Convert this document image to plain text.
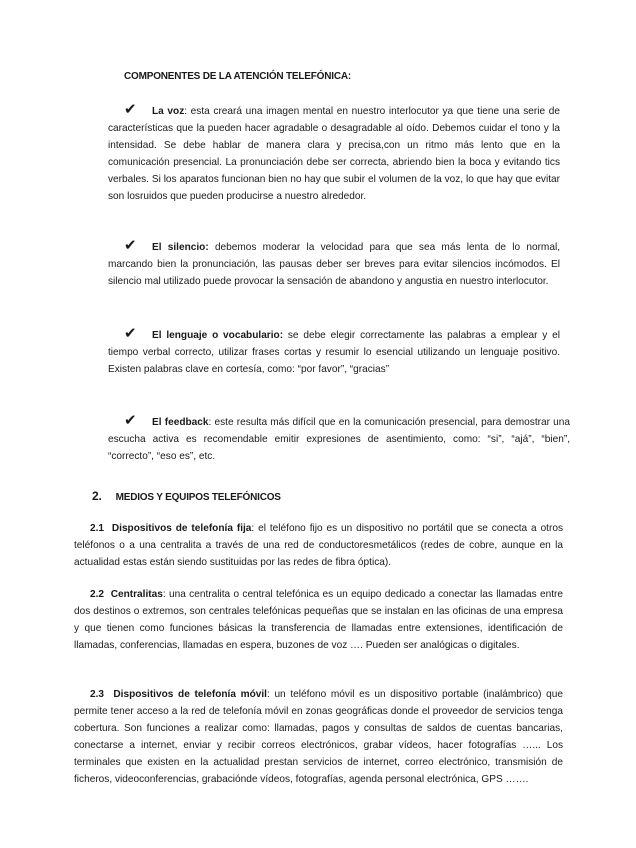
COMPONENTES DE LA ATENCIÓN TELEFÓNICA:
✔ La voz: esta creará una imagen mental en nuestro interlocutor ya que tiene una serie de características que la pueden hacer agradable o desagradable al oído. Debemos cuidar el tono y la intensidad. Se debe hablar de manera clara y precisa,con un ritmo más lento que en la comunicación presencial. La pronunciación debe ser correcta, abriendo bien la boca y evitando tics verbales. Si los aparatos funcionan bien no hay que subir el volumen de la voz, lo que hay que evitar son losruidos que pueden producirse a nuestro alrededor.
✔ El silencio: debemos moderar la velocidad para que sea más lenta de lo normal, marcando bien la pronunciación, las pausas deber ser breves para evitar silencios incómodos. El silencio mal utilizado puede provocar la sensación de abandono y angustia en nuestro interlocutor.
✔ El lenguaje o vocabulario: se debe elegir correctamente las palabras a emplear y el tiempo verbal correcto, utilizar frases cortas y resumir lo esencial utilizando un lenguaje positivo. Existen palabras clave en cortesía, como: “por favor”, “gracias”
✔ El feedback: este resulta más difícil que en la comunicación presencial, para demostrar una escucha activa es recomendable emitir expresiones de asentimiento, como: “si”, “ajá”, “bien”, “correcto”, “eso es”, etc.
2. MEDIOS Y EQUIPOS TELEFÓNICOS
2.1 Dispositivos de telefonía fija: el teléfono fijo es un dispositivo no portátil que se conecta a otros teléfonos o a una centralita a través de una red de conductoresmetálicos (redes de cobre, aunque en la actualidad estas están siendo sustituidas por las redes de fibra óptica).
2.2 Centralitas: una centralita o central telefónica es un equipo dedicado a conectar las llamadas entre dos destinos o extremos, son centrales telefónicas pequeñas que se instalan en las oficinas de una empresa y que tienen como funciones básicas la transferencia de llamadas entre extensiones, identificación de llamadas, conferencias, llamadas en espera, buzones de voz …. Pueden ser analógicas o digitales.
2.3 Dispositivos de telefonía móvil: un teléfono móvil es un dispositivo portable (inalámbrico) que permite tener acceso a la red de telefonía móvil en zonas geográficas donde el proveedor de servicios tenga cobertura. Son funciones a realizar como: llamadas, pagos y consultas de saldos de cuentas bancarias, conectarse a internet, enviar y recibir correos electrónicos, grabar vídeos, hacer fotografías …... Los terminales que existen en la actualidad prestan servicios de internet, correo electrónico, transmisión de ficheros, videoconferencias, grabaciónde vídeos, fotografías, agenda personal electrónica, GPS …….
